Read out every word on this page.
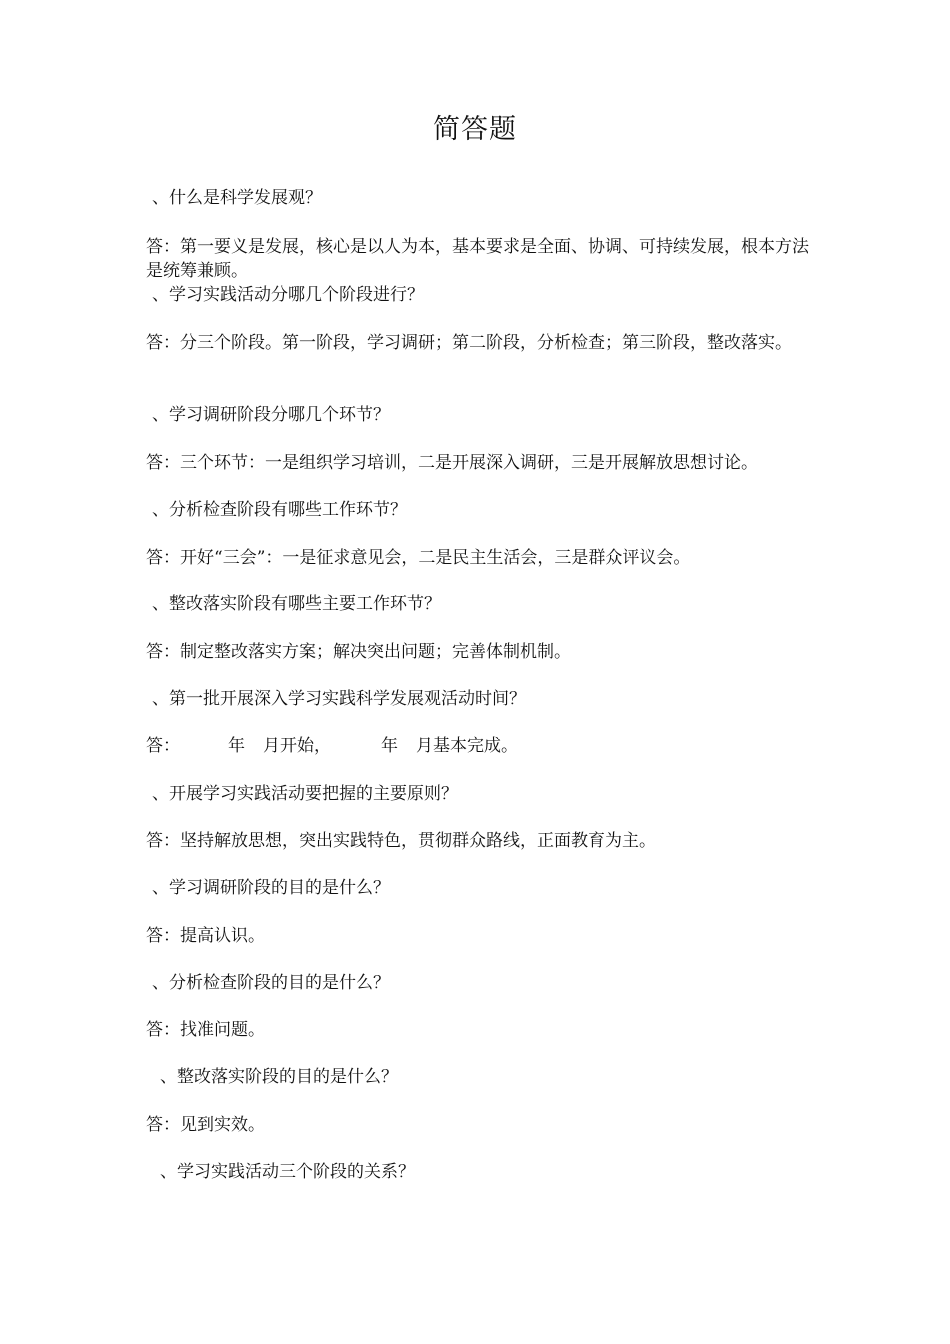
简答题
、什么是科学发展观？
答：第一要义是发展，核心是以人为本，基本要求是全面、协调、可持续发展，根本方法是统筹兼顾。
、学习实践活动分哪几个阶段进行？
答：分三个阶段。第一阶段，学习调研；第二阶段，分析检查；第三阶段，整改落实。
、学习调研阶段分哪几个环节？
答：三个环节：一是组织学习培训，二是开展深入调研，三是开展解放思想讨论。
、分析检查阶段有哪些工作环节？
答：开好“三会”：一是征求意见会，二是民主生活会，三是群众评议会。
、整改落实阶段有哪些主要工作环节？
答：制定整改落实方案；解决突出问题；完善体制机制。
、第一批开展深入学习实践科学发展观活动时间？
答：	年 月开始，	年 月基本完成。
、开展学习实践活动要把握的主要原则？
答：坚持解放思想，突出实践特色，贯彻群众路线，正面教育为主。
、学习调研阶段的目的是什么？
答：提高认识。
、分析检查阶段的目的是什么？
答：找准问题。
、整改落实阶段的目的是什么？
答：见到实效。
、学习实践活动三个阶段的关系？
